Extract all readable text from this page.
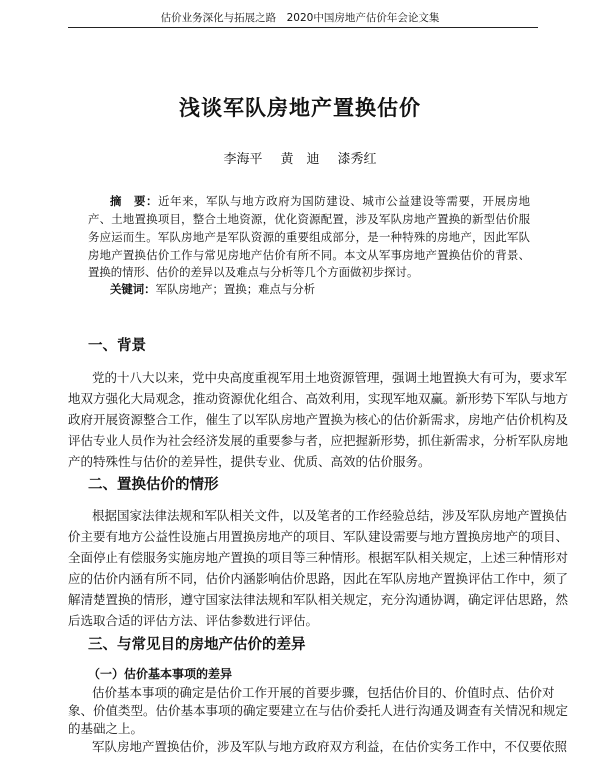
估价业务深化与拓展之路　2020中国房地产估价年会论文集
浅谈军队房地产置换估价
李海平 黄　迪 漆秀红
摘　要：近年来，军队与地方政府为国防建设、城市公益建设等需要，开展房地
产、土地置换项目，整合土地资源，优化资源配置，涉及军队房地产置换的新型估价服
务应运而生。军队房地产是军队资源的重要组成部分，是一种特殊的房地产，因此军队
房地产置换估价工作与常见房地产估价有所不同。本文从军事房地产置换估价的背景、
置换的情形、估价的差异以及难点与分析等几个方面做初步探讨。
关键词：军队房地产；置换；难点与分析
一、背景
党的十八大以来，党中央高度重视军用土地资源管理，强调土地置换大有可为，要求军
地双方强化大局观念，推动资源优化组合、高效利用，实现军地双赢。新形势下军队与地方
政府开展资源整合工作，催生了以军队房地产置换为核心的估价新需求，房地产估价机构及
评估专业人员作为社会经济发展的重要参与者，应把握新形势，抓住新需求，分析军队房地
产的特殊性与估价的差异性，提供专业、优质、高效的估价服务。
二、置换估价的情形
根据国家法律法规和军队相关文件，以及笔者的工作经验总结，涉及军队房地产置换估
价主要有地方公益性设施占用置换房地产的项目、军队建设需要与地方置换房地产的项目、
全面停止有偿服务实施房地产置换的项目等三种情形。根据军队相关规定，上述三种情形对
应的估价内涵有所不同，估价内涵影响估价思路，因此在军队房地产置换评估工作中，须了
解清楚置换的情形，遵守国家法律法规和军队相关规定，充分沟通协调，确定评估思路，然
后选取合适的评估方法、评估参数进行评估。
三、与常见目的房地产估价的差异
（一）估价基本事项的差异
估价基本事项的确定是估价工作开展的首要步骤，包括估价目的、价值时点、估价对
象、价值类型。估价基本事项的确定要建立在与估价委托人进行沟通及调查有关情况和规定
的基础之上。
军队房地产置换估价，涉及军队与地方政府双方利益，在估价实务工作中，不仅要依照
